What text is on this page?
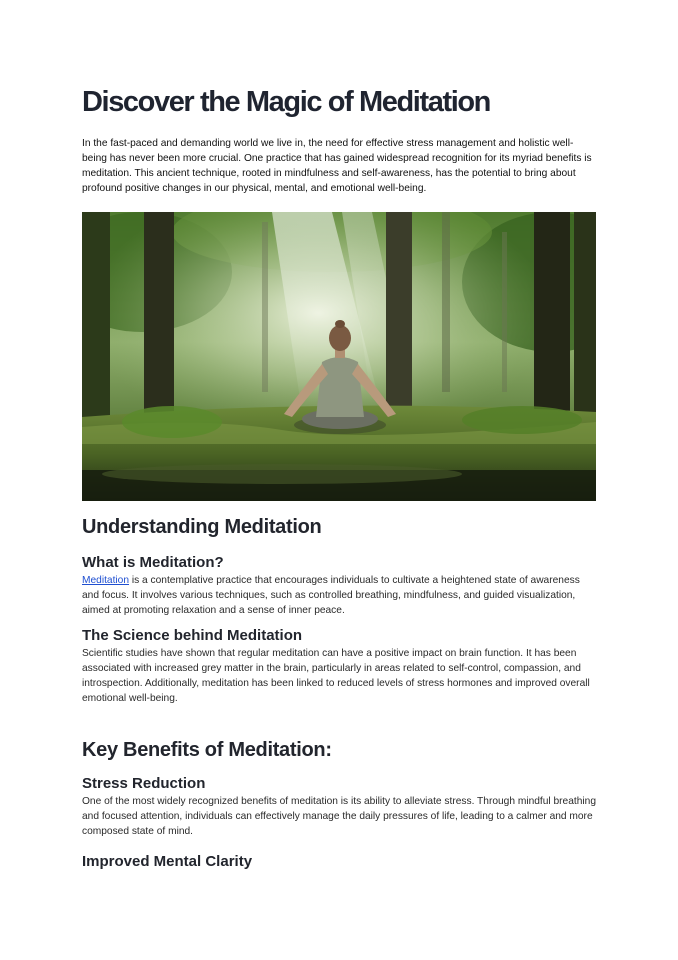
Discover the Magic of Meditation

In the fast-paced and demanding world we live in, the need for effective stress management and holistic well-being has never been more crucial. One practice that has gained widespread recognition for its myriad benefits is meditation. This ancient technique, rooted in mindfulness and self-awareness, has the potential to bring about profound positive changes in our physical, mental, and emotional well-being.

Understanding Meditation
What is Meditation?

Meditation is a contemplative practice that encourages individuals to cultivate a heightened state of awareness and focus. It involves various techniques, such as controlled breathing, mindfulness, and guided visualization, aimed at promoting relaxation and a sense of inner peace.

The Science behind Meditation

Scientific studies have shown that regular meditation can have a positive impact on brain function. It has been associated with increased grey matter in the brain, particularly in areas related to self-control, compassion, and introspection. Additionally, meditation has been linked to reduced levels of stress hormones and improved overall emotional well-being.

Key Benefits of Meditation:
Stress Reduction

One of the most widely recognized benefits of meditation is its ability to alleviate stress. Through mindful breathing and focused attention, individuals can effectively manage the daily pressures of life, leading to a calmer and more composed state of mind.

Improved Mental Clarity
